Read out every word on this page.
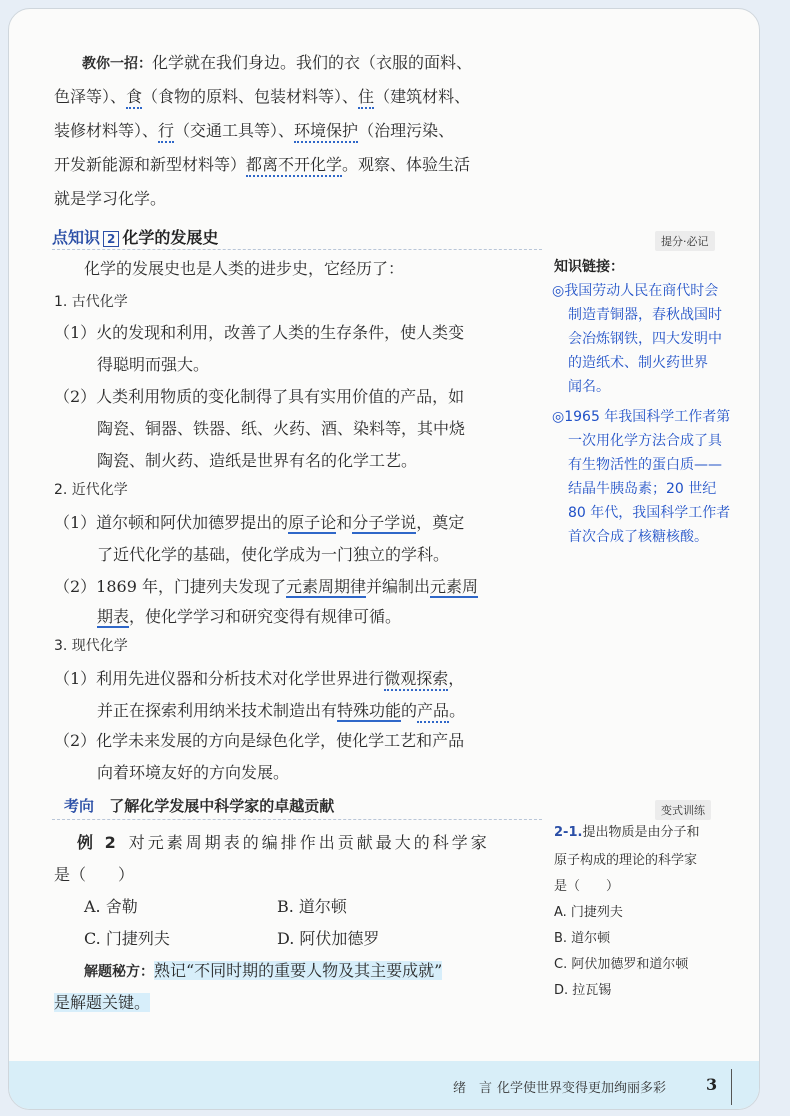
教你一招：化学就在我们身边。我们的衣（衣服的面料、
色泽等）、食（食物的原料、包装材料等）、住（建筑材料、
装修材料等）、行（交通工具等）、环境保护（治理污染、
开发新能源和新型材料等）都离不开化学。观察、体验生活
就是学习化学。
点知识 2 化学的发展史	提分·必记
化学的发展史也是人类的进步史，它经历了：
1. 古代化学
（1）火的发现和利用，改善了人类的生存条件，使人类变
得聪明而强大。
（2）人类利用物质的变化制得了具有实用价值的产品，如
陶瓷、铜器、铁器、纸、火药、酒、染料等，其中烧
陶瓷、制火药、造纸是世界有名的化学工艺。
2. 近代化学
（1）道尔顿和阿伏加德罗提出的原子论和分子学说，奠定
了近代化学的基础，使化学成为一门独立的学科。
（2）1869 年，门捷列夫发现了元素周期律并编制出元素周
期表，使化学学习和研究变得有规律可循。
3. 现代化学
（1）利用先进仪器和分析技术对化学世界进行微观探索，
并正在探索利用纳米技术制造出有特殊功能的产品。
（2）化学未来发展的方向是绿色化学，使化学工艺和产品
向着环境友好的方向发展。
知识链接：
◎我国劳动人民在商代时会
制造青铜器，春秋战国时
会冶炼钢铁，四大发明中
的造纸术、制火药世界
闻名。
◎1965 年我国科学工作者第
一次用化学方法合成了具
有生物活性的蛋白质——
结晶牛胰岛素；20 世纪
80 年代，我国科学工作者
首次合成了核糖核酸。
考向 了解化学发展中科学家的卓越贡献	变式训练
例 2 对元素周期表的编排作出贡献最大的科学家
是（　　）
A. 舍勒	B. 道尔顿
C. 门捷列夫	D. 阿伏加德罗
解题秘方：熟记“不同时期的重要人物及其主要成就”
是解题关键。
2-1.提出物质是由分子和
原子构成的理论的科学家
是（　　）
A. 门捷列夫
B. 道尔顿
C. 阿伏加德罗和道尔顿
D. 拉瓦锡
绪　言 化学使世界变得更加绚丽多彩 3
